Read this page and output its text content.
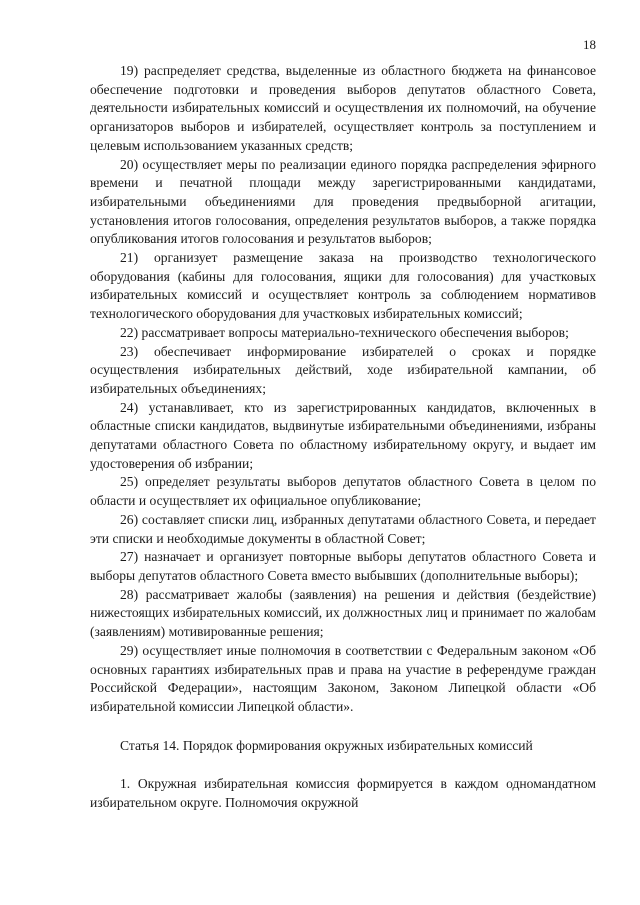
18

19) распределяет средства, выделенные из областного бюджета на финансовое обеспечение подготовки и проведения выборов депутатов областного Совета, деятельности избирательных комиссий и осуществления их полномочий, на обучение организаторов выборов и избирателей, осуществляет контроль за поступлением и целевым использованием указанных средств;

20) осуществляет меры по реализации единого порядка распределения эфирного времени и печатной площади между зарегистрированными кандидатами, избирательными объединениями для проведения предвыборной агитации, установления итогов голосования, определения результатов выборов, а также порядка опубликования итогов голосования и результатов выборов;

21) организует размещение заказа на производство технологического оборудования (кабины для голосования, ящики для голосования) для участковых избирательных комиссий и осуществляет контроль за соблюдением нормативов технологического оборудования для участковых избирательных комиссий;

22) рассматривает вопросы материально-технического обеспечения выборов;

23) обеспечивает информирование избирателей о сроках и порядке осуществления избирательных действий, ходе избирательной кампании, об избирательных объединениях;

24) устанавливает, кто из зарегистрированных кандидатов, включенных в областные списки кандидатов, выдвинутые избирательными объединениями, избраны депутатами областного Совета по областному избирательному округу, и выдает им удостоверения об избрании;

25) определяет результаты выборов депутатов областного Совета в целом по области и осуществляет их официальное опубликование;

26) составляет списки лиц, избранных депутатами областного Совета, и передает эти списки и необходимые документы в областной Совет;

27) назначает и организует повторные выборы депутатов областного Совета и выборы депутатов областного Совета вместо выбывших (дополнительные выборы);

28) рассматривает жалобы (заявления) на решения и действия (бездействие) нижестоящих избирательных комиссий, их должностных лиц и принимает по жалобам (заявлениям) мотивированные решения;

29) осуществляет иные полномочия в соответствии с Федеральным законом «Об основных гарантиях избирательных прав и права на участие в референдуме граждан Российской Федерации», настоящим Законом, Законом Липецкой области «Об избирательной комиссии Липецкой области».

Статья 14. Порядок формирования окружных избирательных комиссий

1. Окружная избирательная комиссия формируется в каждом одномандатном избирательном округе. Полномочия окружной
